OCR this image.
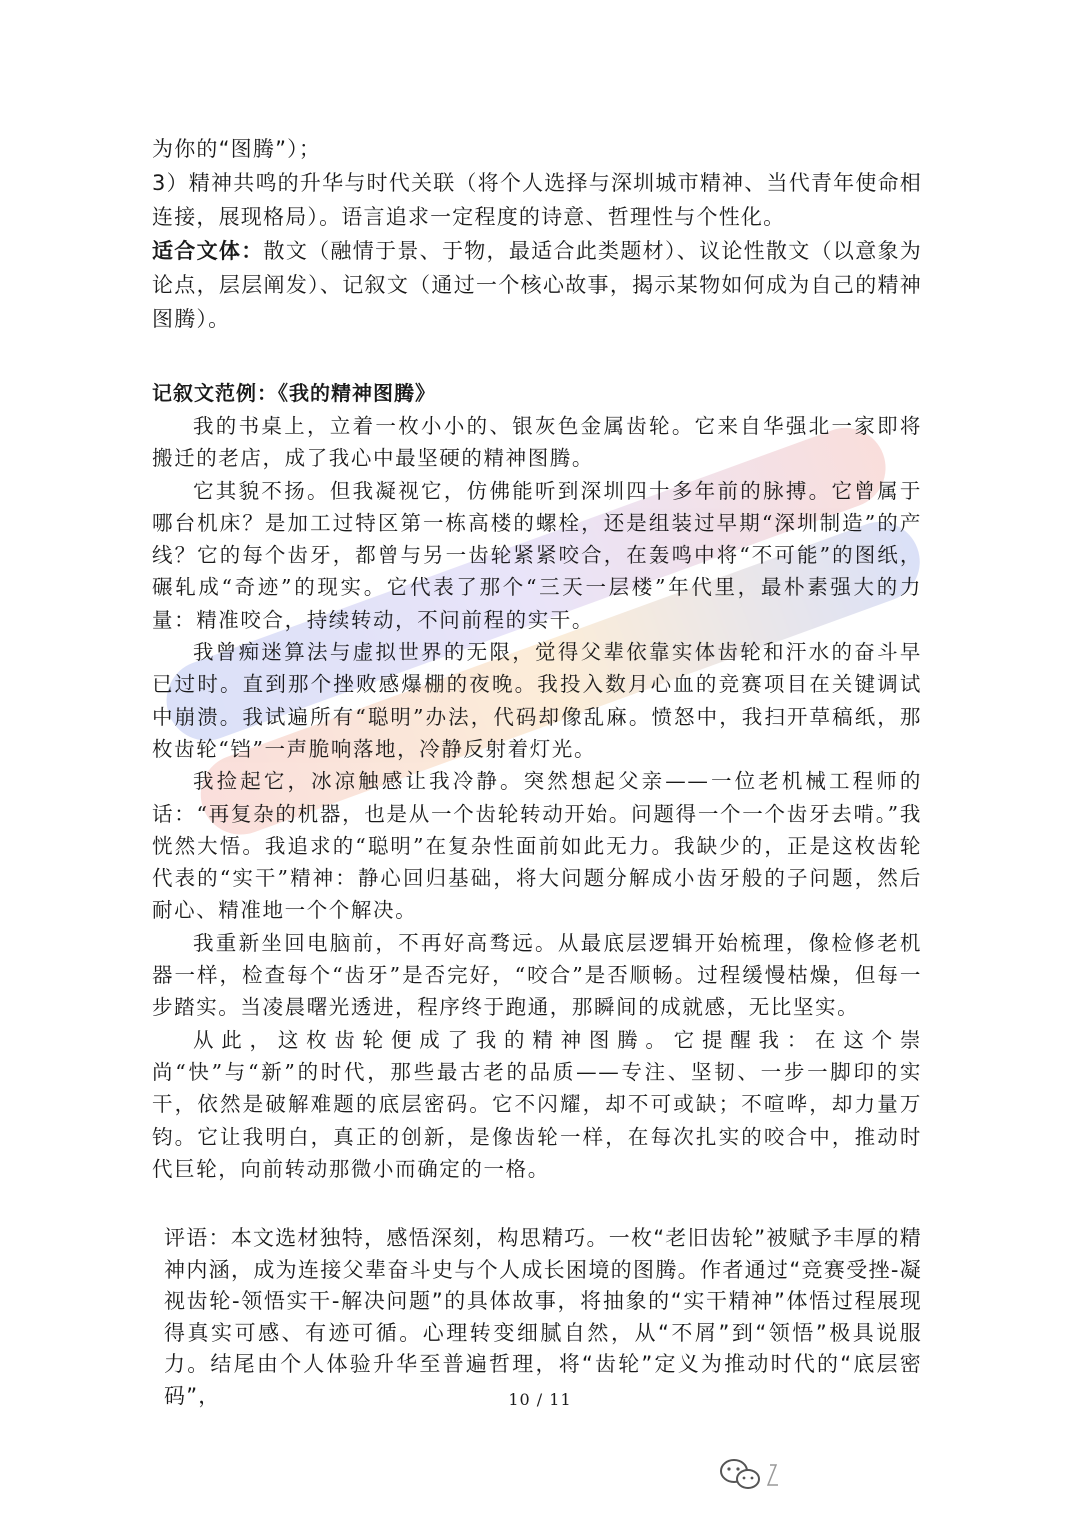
为你的“图腾”）；

3）精神共鸣的升华与时代关联（将个人选择与深圳城市精神、当代青年使命相连接，展现格局）。语言追求一定程度的诗意、哲理性与个性化。

适合文体：散文（融情于景、于物，最适合此类题材）、议论性散文（以意象为论点，层层阐发）、记叙文（通过一个核心故事，揭示某物如何成为自己的精神图腾）。

记叙文范例：《我的精神图腾》

我的书桌上，立着一枚小小的、银灰色金属齿轮。它来自华强北一家即将搬迁的老店，成了我心中最坚硬的精神图腾。

它其貌不扬。但我凝视它，仿佛能听到深圳四十多年前的脉搏。它曾属于哪台机床？是加工过特区第一栋高楼的螺栓，还是组装过早期“深圳制造”的产线？它的每个齿牙，都曾与另一齿轮紧紧咬合，在轰鸣中将“不可能”的图纸，碾轧成“奇迹”的现实。它代表了那个“三天一层楼”年代里，最朴素强大的力量：精准咬合，持续转动，不问前程的实干。

我曾痴迷算法与虚拟世界的无限，觉得父辈依靠实体齿轮和汗水的奋斗早已过时。直到那个挫败感爆棚的夜晚。我投入数月心血的竞赛项目在关键调试中崩溃。我试遍所有“聪明”办法，代码却像乱麻。愤怒中，我扫开草稿纸，那枚齿轮“铛”一声脆响落地，冷静反射着灯光。

我捡起它，冰凉触感让我冷静。突然想起父亲——一位老机械工程师的话：“再复杂的机器，也是从一个齿轮转动开始。问题得一个一个齿牙去啃。”我恍然大悟。我追求的“聪明”在复杂性面前如此无力。我缺少的，正是这枚齿轮代表的“实干”精神：静心回归基础，将大问题分解成小齿牙般的子问题，然后耐心、精准地一个个解决。

我重新坐回电脑前，不再好高骛远。从最底层逻辑开始梳理，像检修老机器一样，检查每个“齿牙”是否完好，“咬合”是否顺畅。过程缓慢枯燥，但每一步踏实。当凌晨曙光透进，程序终于跑通，那瞬间的成就感，无比坚实。

从此，这枚齿轮便成了我的精神图腾。它提醒我：在这个崇尚“快”与“新”的时代，那些最古老的品质——专注、坚韧、一步一脚印的实干，依然是破解难题的底层密码。它不闪耀，却不可或缺；不喧哗，却力量万钧。它让我明白，真正的创新，是像齿轮一样，在每次扎实的咬合中，推动时代巨轮，向前转动那微小而确定的一格。

评语：本文选材独特，感悟深刻，构思精巧。一枚“老旧齿轮”被赋予丰厚的精神内涵，成为连接父辈奋斗史与个人成长困境的图腾。作者通过“竞赛受挫-凝视齿轮-领悟实干-解决问题”的具体故事，将抽象的“实干精神”体悟过程展现得真实可感、有迹可循。心理转变细腻自然，从“不屑”到“领悟”极具说服力。结尾由个人体验升华至普遍哲理，将“齿轮”定义为推动时代的“底层密码”，	10 / 11
